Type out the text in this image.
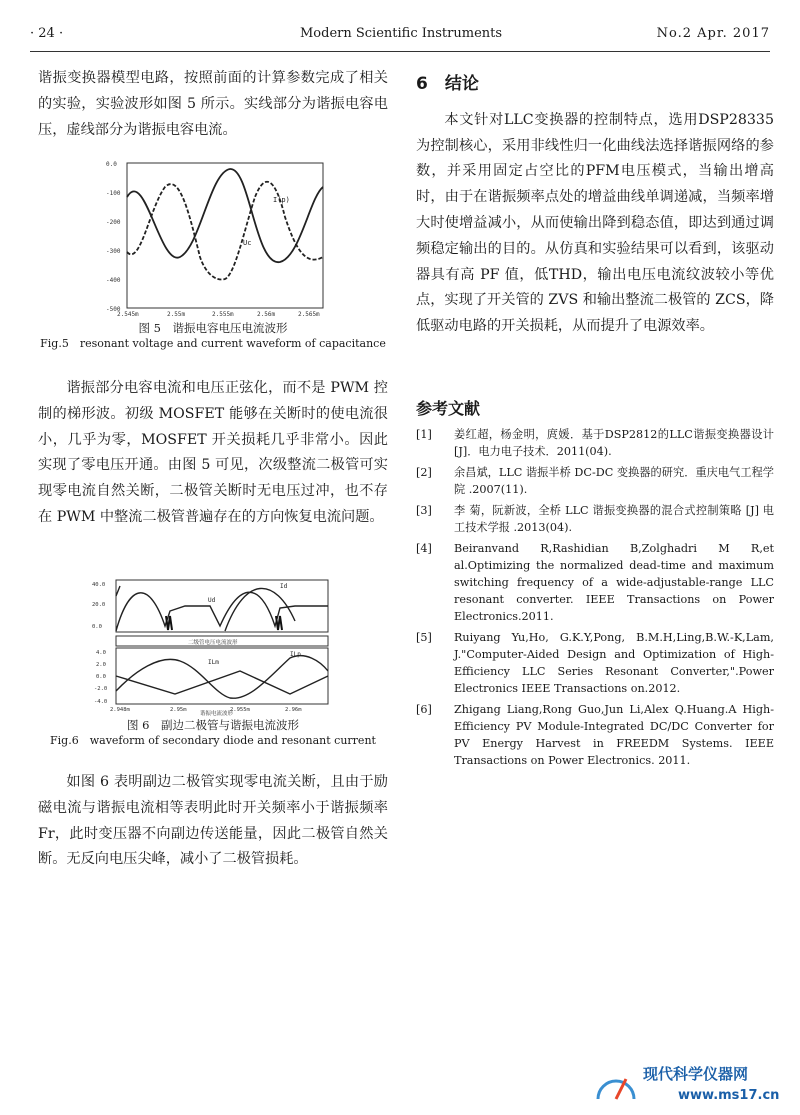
· 24 ·	Modern Scientific Instruments	No.2 Apr. 2017

谐振变换器模型电路，按照前面的计算参数完成了相关的实验，实验波形如图 5 所示。实线部分为谐振电容电压，虚线部分为谐振电容电流。

0.0
-100
-200
-300
-400
-500
2.545m	2.55m	2.555m	2.56m	2.565m
I(p)
Uc
图 5　谐振电容电压电流波形
Fig.5　resonant voltage and current waveform of capacitance

谐振部分电容电流和电压正弦化，而不是 PWM 控制的梯形波。初级 MOSFET 能够在关断时的使电流很小，几乎为零，MOSFET 开关损耗几乎非常小。因此实现了零电压开通。由图 5 可见，次级整流二极管可实现零电流自然关断，二极管关断时无电压过冲，也不存在 PWM 中整流二极管普遍存在的方向恢复电流问题。

40.0
20.0
0.0
4.0
2.0
0.0
-2.0
-4.0
2.948m	2.95m	2.955m	2.96m
谐振电流波形
二级管电压电流波形
Ud
Id
ILp
ILm
图 6　副边二极管与谐振电流波形
Fig.6　waveform of secondary diode and resonant current

如图 6 表明副边二极管实现零电流关断，且由于励磁电流与谐振电流相等表明此时开关频率小于谐振频率 Fr，此时变压器不向副边传送能量，因此二极管自然关断。无反向电压尖峰，减小了二极管损耗。

6　结论

本文针对LLC变换器的控制特点，选用DSP28335为控制核心，采用非线性归一化曲线法选择谐振网络的参数，并采用固定占空比的PFM电压模式，当输出增高时，由于在谐振频率点处的增益曲线单调递减，当频率增大时使增益减小，从而使输出降到稳态值，即达到通过调频稳定输出的目的。从仿真和实验结果可以看到，该驱动器具有高 PF 值，低THD，输出电压电流纹波较小等优点，实现了开关管的 ZVS 和输出整流二极管的 ZCS，降低驱动电路的开关损耗，从而提升了电源效率。

参考文献

[1] 姜红超，杨金明，庹媛．基于DSP2812的LLC谐振变换器设计[J]．电力电子技术．2011(04).
[2] 余昌斌，LLC 谐振半桥 DC-DC 变换器的研究．重庆电气工程学院 .2007(11).
[3] 李 菊，阮新波，全桥 LLC 谐振变换器的混合式控制策略 [J] 电工技术学报 .2013(04).
[4] Beiranvand R,Rashidian B,Zolghadri M R,et al.Optimizing the normalized dead-time and maximum switching frequency of a wide-adjustable-range LLC resonant converter. IEEE Transactions on Power Electronics.2011.
[5] Ruiyang Yu,Ho, G.K.Y,Pong, B.M.H,Ling,B.W.-K,Lam, J."Computer-Aided Design and Optimization of High-Efficiency LLC Series Resonant Converter,".Power Electronics IEEE Transactions on.2012.
[6] Zhigang Liang,Rong Guo,Jun Li,Alex Q.Huang.A High-Efficiency PV Module-Integrated DC/DC Converter for PV Energy Harvest in FREEDM Systems. IEEE Transactions on Power Electronics. 2011.
现代科学仪器网
www.ms17.cn
